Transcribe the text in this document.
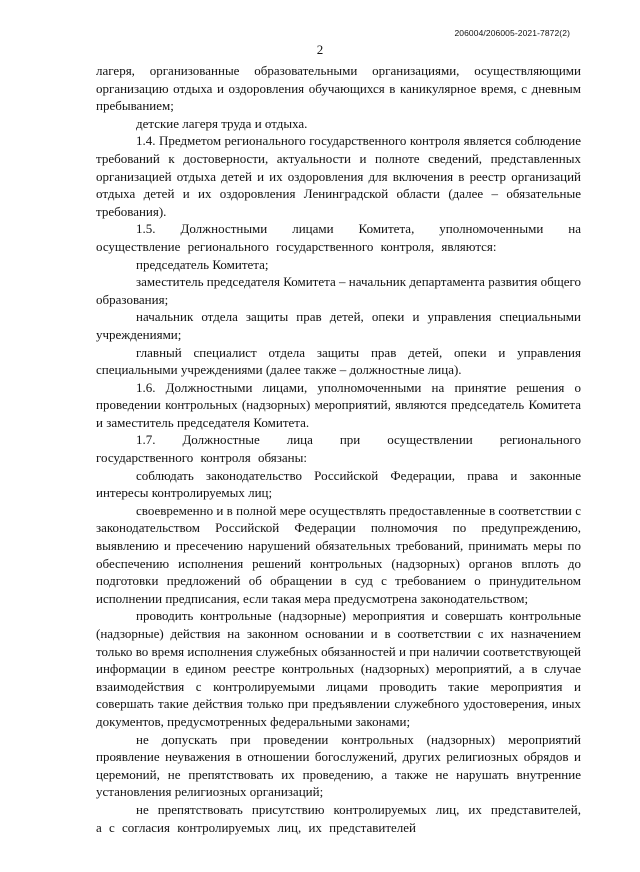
206004/206005-2021-7872(2)
2

лагеря, организованные образовательными организациями, осуществляющими организацию отдыха и оздоровления обучающихся в каникулярное время, с дневным пребыванием;

детские лагеря труда и отдыха.

1.4. Предметом регионального государственного контроля является соблюдение требований к достоверности, актуальности и полноте сведений, представленных организацией отдыха детей и их оздоровления для включения в реестр организаций отдыха детей и их оздоровления Ленинградской области (далее – обязательные требования).

1.5. Должностными лицами Комитета, уполномоченными на осуществление регионального государственного контроля, являются:

председатель Комитета;

заместитель председателя Комитета – начальник департамента развития общего образования;

начальник отдела защиты прав детей, опеки и управления специальными учреждениями;

главный специалист отдела защиты прав детей, опеки и управления специальными учреждениями (далее также – должностные лица).

1.6. Должностными лицами, уполномоченными на принятие решения о проведении контрольных (надзорных) мероприятий, являются председатель Комитета и заместитель председателя Комитета.

1.7. Должностные лица при осуществлении регионального государственного контроля обязаны:

соблюдать законодательство Российской Федерации, права и законные интересы контролируемых лиц;

своевременно и в полной мере осуществлять предоставленные в соответствии с законодательством Российской Федерации полномочия по предупреждению, выявлению и пресечению нарушений обязательных требований, принимать меры по обеспечению исполнения решений контрольных (надзорных) органов вплоть до подготовки предложений об обращении в суд с требованием о принудительном исполнении предписания, если такая мера предусмотрена законодательством;

проводить контрольные (надзорные) мероприятия и совершать контрольные (надзорные) действия на законном основании и в соответствии с их назначением только во время исполнения служебных обязанностей и при наличии соответствующей информации в едином реестре контрольных (надзорных) мероприятий, а в случае взаимодействия с контролируемыми лицами проводить такие мероприятия и совершать такие действия только при предъявлении служебного удостоверения, иных документов, предусмотренных федеральными законами;

не допускать при проведении контрольных (надзорных) мероприятий проявление неуважения в отношении богослужений, других религиозных обрядов и церемоний, не препятствовать их проведению, а также не нарушать внутренние установления религиозных организаций;

не препятствовать присутствию контролируемых лиц, их представителей, а с согласия контролируемых лиц, их представителей
